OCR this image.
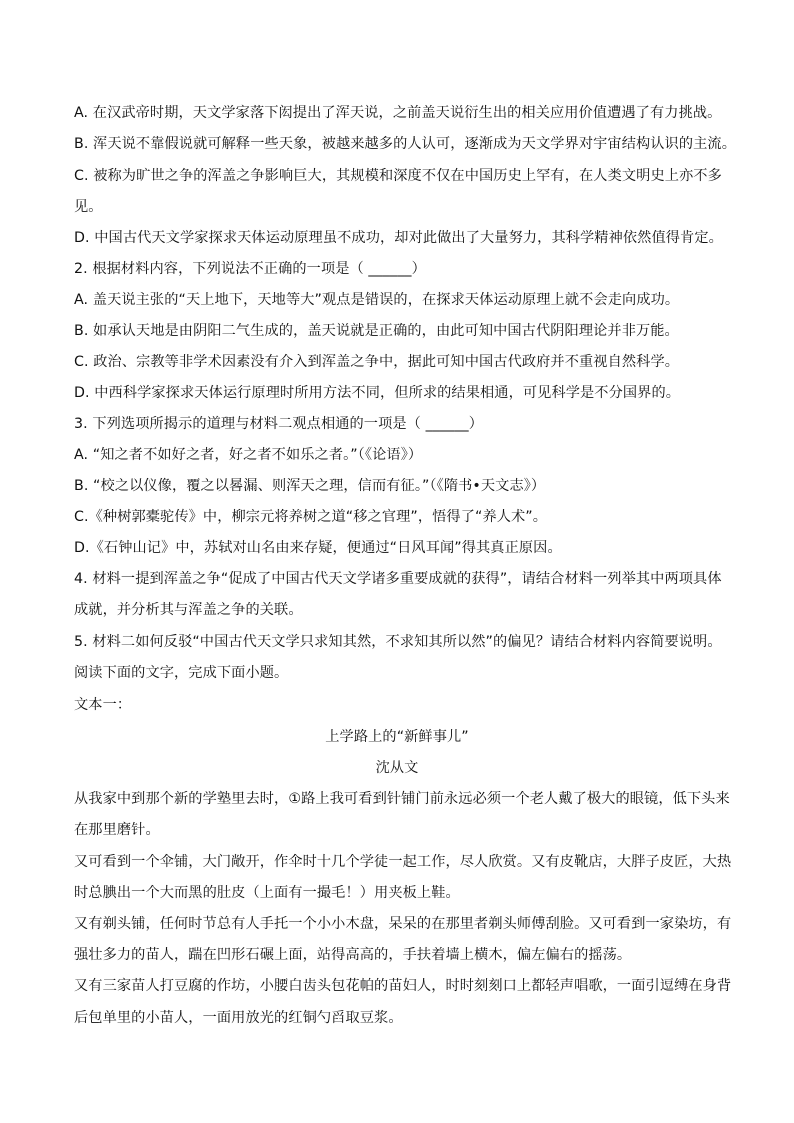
A. 在汉武帝时期，天文学家落下闳提出了浑天说，之前盖天说衍生出的相关应用价值遭遇了有力挑战。
B. 浑天说不靠假说就可解释一些天象，被越来越多的人认可，逐渐成为天文学界对宇宙结构认识的主流。
C. 被称为旷世之争的浑盖之争影响巨大，其规模和深度不仅在中国历史上罕有，在人类文明史上亦不多
见。
D. 中国古代天文学家探求天体运动原理虽不成功，却对此做出了大量努力，其科学精神依然值得肯定。
2. 根据材料内容，下列说法不正确的一项是（ ______）
A. 盖天说主张的“天上地下，天地等大”观点是错误的，在探求天体运动原理上就不会走向成功。
B. 如承认天地是由阴阳二气生成的，盖天说就是正确的，由此可知中国古代阴阳理论并非万能。
C. 政治、宗教等非学术因素没有介入到浑盖之争中，据此可知中国古代政府并不重视自然科学。
D. 中西科学家探求天体运行原理时所用方法不同，但所求的结果相通，可见科学是不分国界的。
3. 下列选项所揭示的道理与材料二观点相通的一项是（ ______）
A. “知之者不如好之者，好之者不如乐之者。”（《论语》）
B. “校之以仪像，覆之以晷漏、则浑天之理，信而有征。”（《隋书•天文志》）
C.《种树郭橐驼传》中，柳宗元将养树之道“移之官理”，悟得了“养人术”。
D.《石钟山记》中，苏轼对山名由来存疑，便通过“日风耳闻”得其真正原因。
4. 材料一提到浑盖之争“促成了中国古代天文学诸多重要成就的获得”，请结合材料一列举其中两项具体
成就，并分析其与浑盖之争的关联。
5. 材料二如何反驳“中国古代天文学只求知其然，不求知其所以然”的偏见？请结合材料内容简要说明。
阅读下面的文字，完成下面小题。
文本一：
上学路上的“新鲜事儿”
沈从文
从我家中到那个新的学塾里去时，①路上我可看到针铺门前永远必须一个老人戴了极大的眼镜，低下头来
在那里磨针。
又可看到一个伞铺，大门敞开，作伞时十几个学徒一起工作，尽人欣赏。又有皮靴店，大胖子皮匠，大热
时总腆出一个大而黑的肚皮（上面有一撮毛！）用夹板上鞋。
又有剃头铺，任何时节总有人手托一个小小木盘，呆呆的在那里者剃头师傅刮脸。又可看到一家染坊，有
强壮多力的苗人，踹在凹形石碾上面，站得高高的，手扶着墙上横木，偏左偏右的摇荡。
又有三家苗人打豆腐的作坊，小腰白齿头包花帕的苗妇人，时时刻刻口上都轻声唱歌，一面引逗缚在身背
后包单里的小苗人，一面用放光的红铜勺舀取豆浆。
